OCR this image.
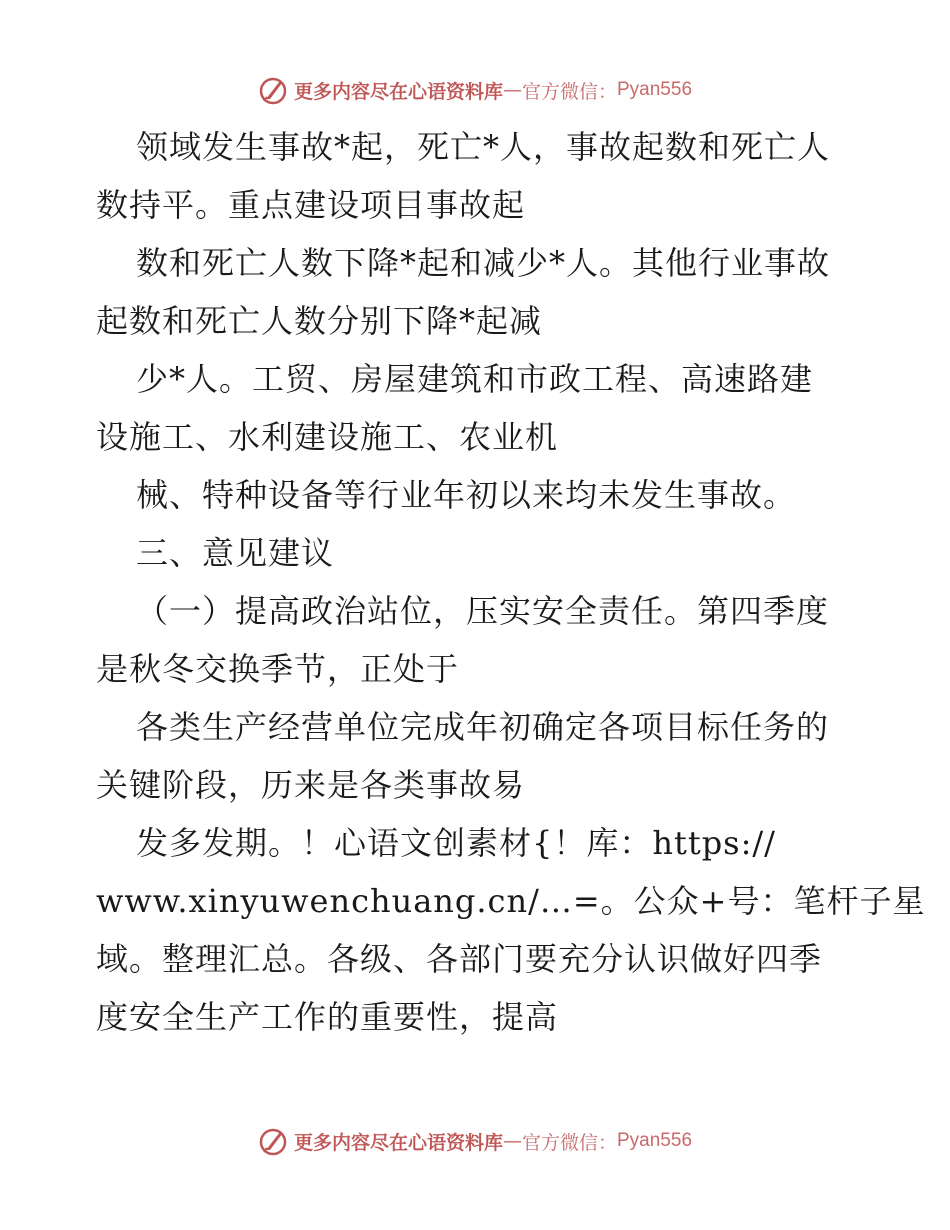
更多内容尽在心语资料库 — 官方微信： Pyan556
领域发生事故*起，死亡*人，事故起数和死亡人
数持平。重点建设项目事故起
数和死亡人数下降*起和减少*人。其他行业事故
起数和死亡人数分别下降*起减
少*人。工贸、房屋建筑和市政工程、高速路建
设施工、水利建设施工、农业机
械、特种设备等行业年初以来均未发生事故。
三、意见建议
（一）提高政治站位，压实安全责任。第四季度
是秋冬交换季节，正处于
各类生产经营单位完成年初确定各项目标任务的
关键阶段，历来是各类事故易
发多发期。！心语文创素材{！库：https://
www.xinyuwenchuang.cn/…=。公众+号：笔杆子星
域。整理汇总。各级、各部门要充分认识做好四季
度安全生产工作的重要性，提高
更多内容尽在心语资料库 — 官方微信： Pyan556
